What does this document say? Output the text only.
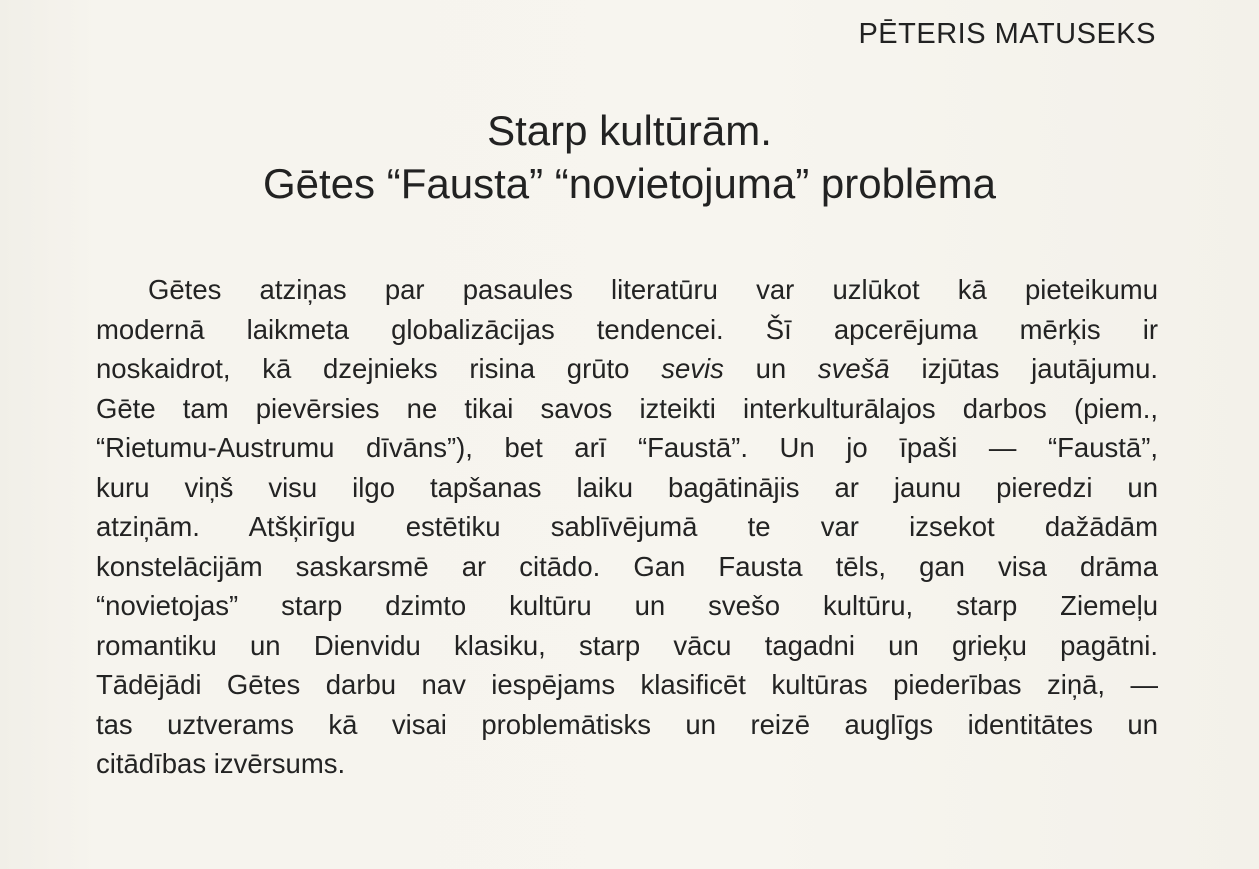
PĒTERIS MATUSEKS
Starp kultūrām.
Gētes “Fausta” “novietojuma” problēma
Gētes atziņas par pasaules literatūru var uzlūkot kā pieteikumu
modernā laikmeta globalizācijas tendencei. Šī apcerējuma mērķis ir
noskaidrot, kā dzejnieks risina grūto sevis un svešā izjūtas jautājumu.
Gēte tam pievērsies ne tikai savos izteikti interkulturālajos darbos (piem.,
“Rietumu-Austrumu dīvāns”), bet arī “Faustā”. Un jo īpaši — “Faustā”,
kuru viņš visu ilgo tapšanas laiku bagātinājis ar jaunu pieredzi un
atziņām. Atšķirīgu estētiku sablīvējumā te var izsekot dažādām
konstelācijām saskarsmē ar citādo. Gan Fausta tēls, gan visa drāma
“novietojas” starp dzimto kultūru un svešo kultūru, starp Ziemeļu
romantiku un Dienvidu klasiku, starp vācu tagadni un grieķu pagātni.
Tādējādi Gētes darbu nav iespējams klasificēt kultūras piederības ziņā, —
tas uztverams kā visai problemātisks un reizē auglīgs identitātes un
citādības izvērsums.
